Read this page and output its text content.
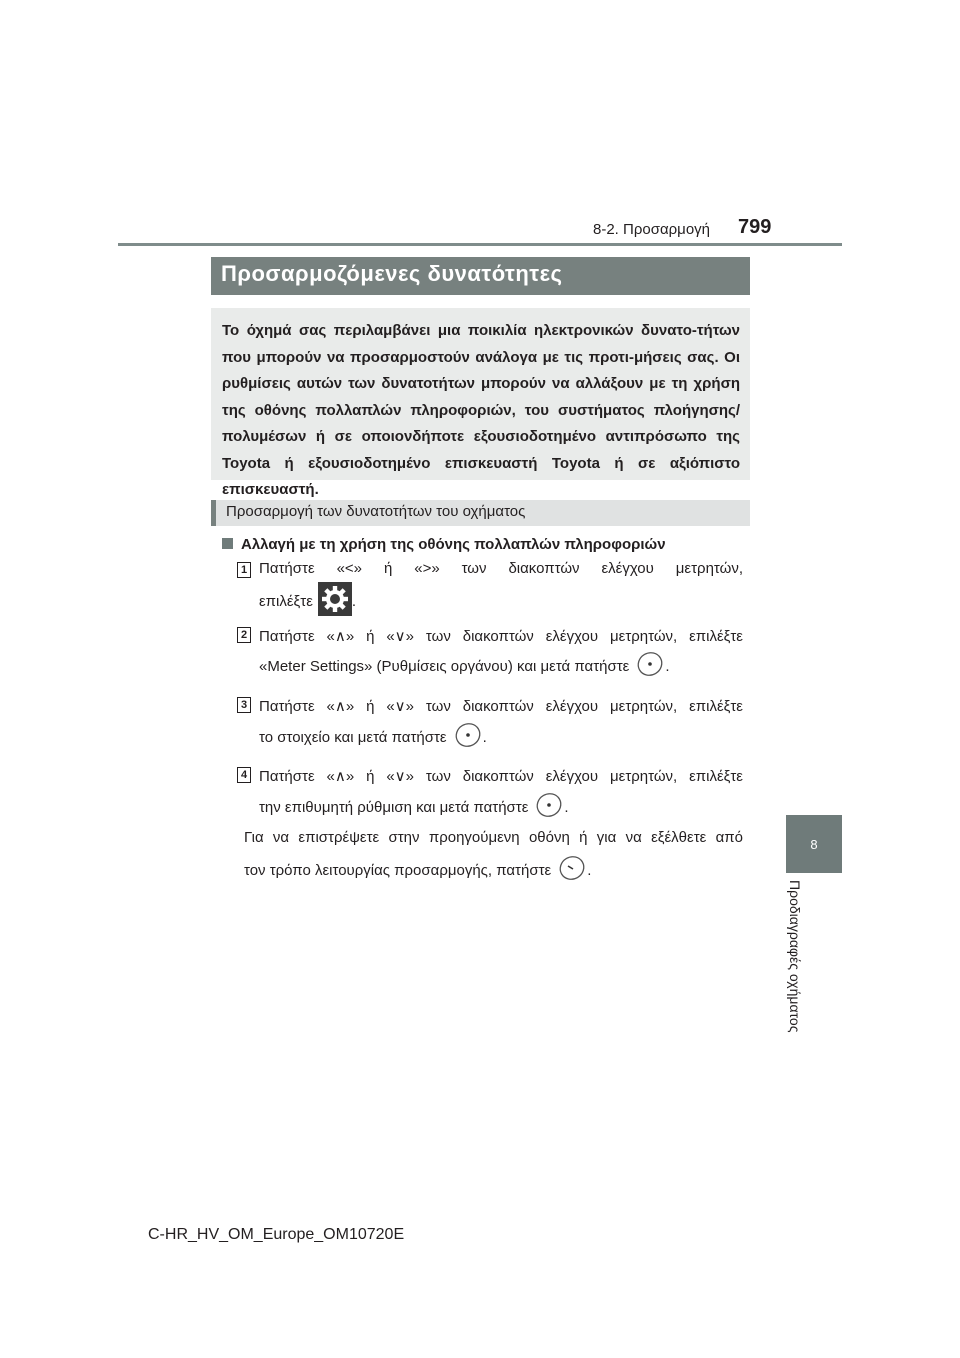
8-2. Προσαρμογή 799
8
Προδιαγραφές οχήματος
Προσαρμοζόμενες δυνατότητες
Το όχημά σας περιλαμβάνει μια ποικιλία ηλεκτρονικών δυνατο-τήτων που μπορούν να προσαρμοστούν ανάλογα με τις προτι-μήσεις σας. Οι ρυθμίσεις αυτών των δυνατοτήτων μπορούν να αλλάξουν με τη χρήση της οθόνης πολλαπλών πληροφοριών, του συστήματος πλοήγησης/πολυμέσων ή σε οποιονδήποτε εξουσιοδοτημένο αντιπρόσωπο της Toyota ή εξουσιοδοτημένο επισκευαστή Toyota ή σε αξιόπιστο επισκευαστή.
Προσαρμογή των δυνατοτήτων του οχήματος
Αλλαγή με τη χρήση της οθόνης πολλαπλών πληροφοριών
1 Πατήστε «<» ή «>» των διακοπτών ελέγχου μετρητών,
επιλέξτε	.
2 Πατήστε «∧» ή «∨» των διακοπτών ελέγχου μετρητών, επιλέξτε
«Meter Settings» (Ρυθμίσεις οργάνου) και μετά πατήστε .
3 Πατήστε «∧» ή «∨» των διακοπτών ελέγχου μετρητών, επιλέξτε
το στοιχείο και μετά πατήστε .
4 Πατήστε «∧» ή «∨» των διακοπτών ελέγχου μετρητών, επιλέξτε
την επιθυμητή ρύθμιση και μετά πατήστε .
Για να επιστρέψετε στην προηγούμενη οθόνη ή για να εξέλθετε από
τον τρόπο λειτουργίας προσαρμογής, πατήστε .
C-HR_HV_OM_Europe_OM10720E
